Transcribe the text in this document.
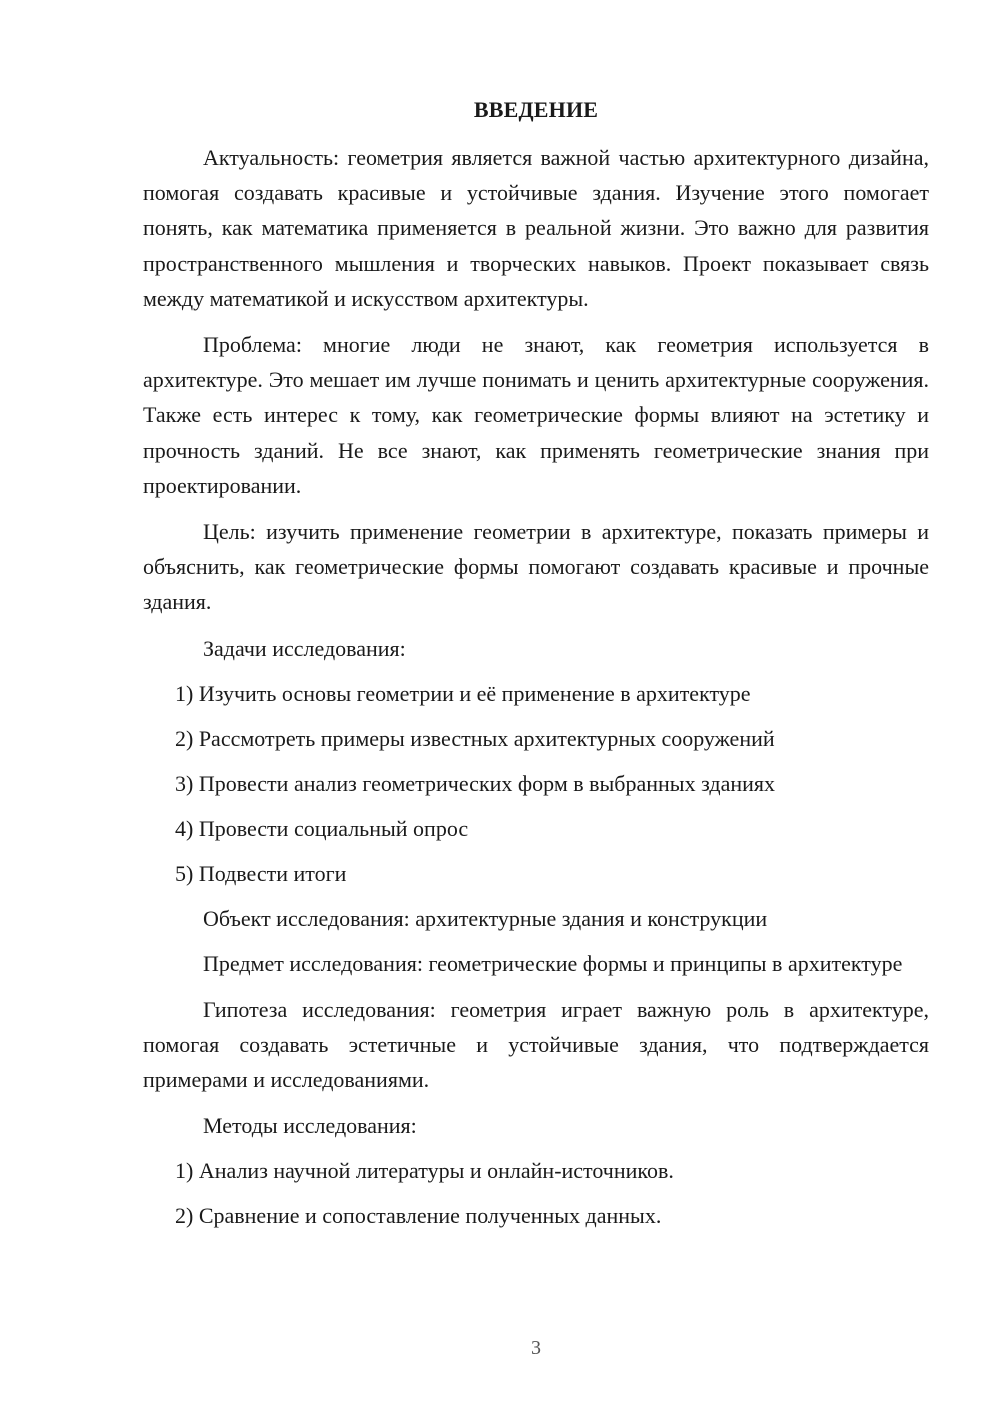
ВВЕДЕНИЕ

Актуальность: геометрия является важной частью архитектурного дизайна, помогая создавать красивые и устойчивые здания. Изучение этого помогает понять, как математика применяется в реальной жизни. Это важно для развития пространственного мышления и творческих навыков. Проект показывает связь между математикой и искусством архитектуры.

Проблема: многие люди не знают, как геометрия используется в архитектуре. Это мешает им лучше понимать и ценить архитектурные сооружения. Также есть интерес к тому, как геометрические формы влияют на эстетику и прочность зданий. Не все знают, как применять геометрические знания при проектировании.

Цель: изучить применение геометрии в архитектуре, показать примеры и объяснить, как геометрические формы помогают создавать красивые и прочные здания.

Задачи исследования:

1) Изучить основы геометрии и её применение в архитектуре
2) Рассмотреть примеры известных архитектурных сооружений
3) Провести анализ геометрических форм в выбранных зданиях
4) Провести социальный опрос
5) Подвести итоги

Объект исследования: архитектурные здания и конструкции

Предмет исследования: геометрические формы и принципы в архитектуре

Гипотеза исследования: геометрия играет важную роль в архитектуре, помогая создавать эстетичные и устойчивые здания, что подтверждается примерами и исследованиями.

Методы исследования:

1) Анализ научной литературы и онлайн-источников.
2) Сравнение и сопоставление полученных данных.
3
